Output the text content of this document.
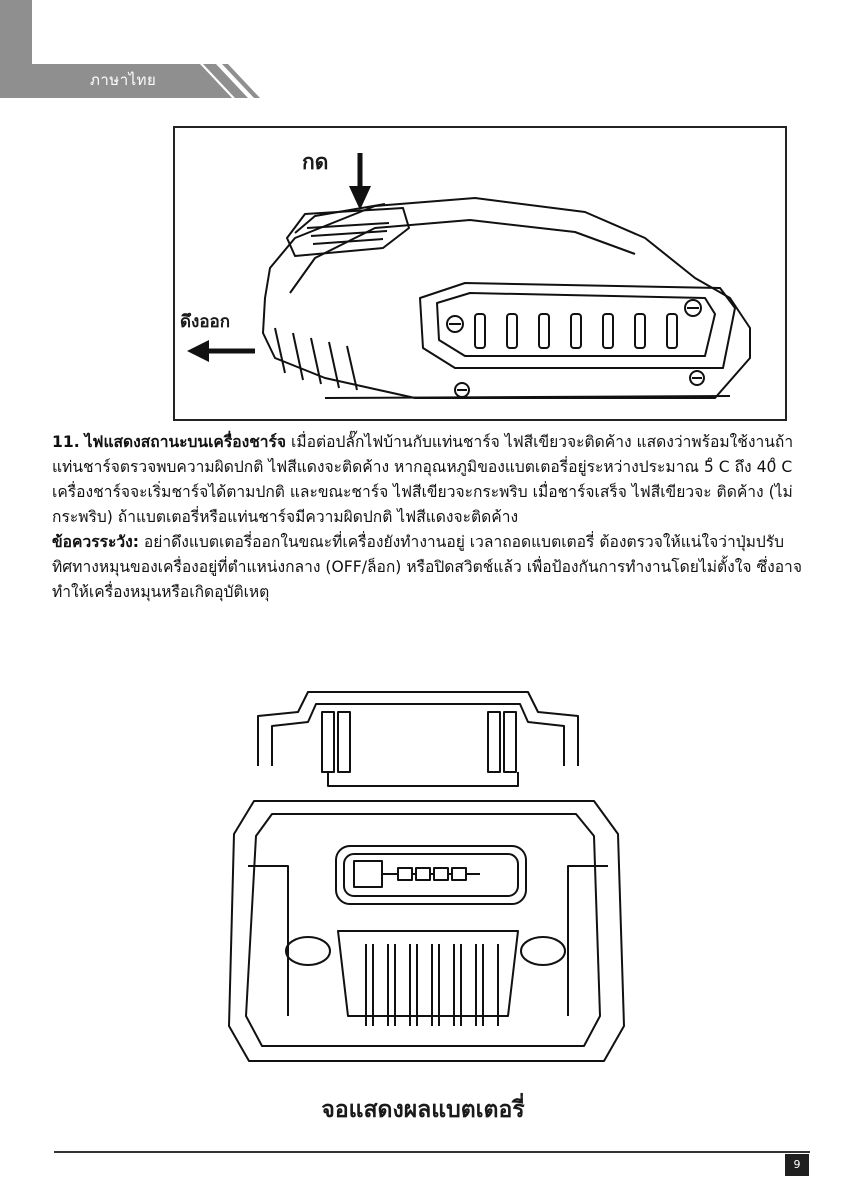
ภาษาไทย
กด
ดึงออก

11. ไฟแสดงสถานะบนเครื่องชาร์จ เมื่อต่อปลั๊กไฟบ้านกับแท่นชาร์จ ไฟสีเขียวจะติดค้าง แสดงว่าพร้อมใช้งานถ้าแท่นชาร์จตรวจพบความผิดปกติ ไฟสีแดงจะติดค้าง หากอุณหภูมิของแบตเตอรี่อยู่ระหว่างประมาณ 5̊ C ถึง 40̊ C เครื่องชาร์จจะเริ่มชาร์จได้ตามปกติ และขณะชาร์จ ไฟสีเขียวจะกระพริบ เมื่อชาร์จเสร็จ ไฟสีเขียวจะ ติดค้าง (ไม่กระพริบ) ถ้าแบตเตอรี่หรือแท่นชาร์จมีความผิดปกติ ไฟสีแดงจะติดค้าง

ข้อควรระวัง: อย่าดึงแบตเตอรี่ออกในขณะที่เครื่องยังทำงานอยู่ เวลาถอดแบตเตอรี่ ต้องตรวจให้แน่ใจว่าปุ่มปรับทิศทางหมุนของเครื่องอยู่ที่ตำแหน่งกลาง (OFF/ล็อก) หรือปิดสวิตช์แล้ว เพื่อป้องกันการทำงานโดยไม่ตั้งใจ ซึ่งอาจทำให้เครื่องหมุนหรือเกิดอุบัติเหตุ

จอแสดงผลแบตเตอรี่
9
